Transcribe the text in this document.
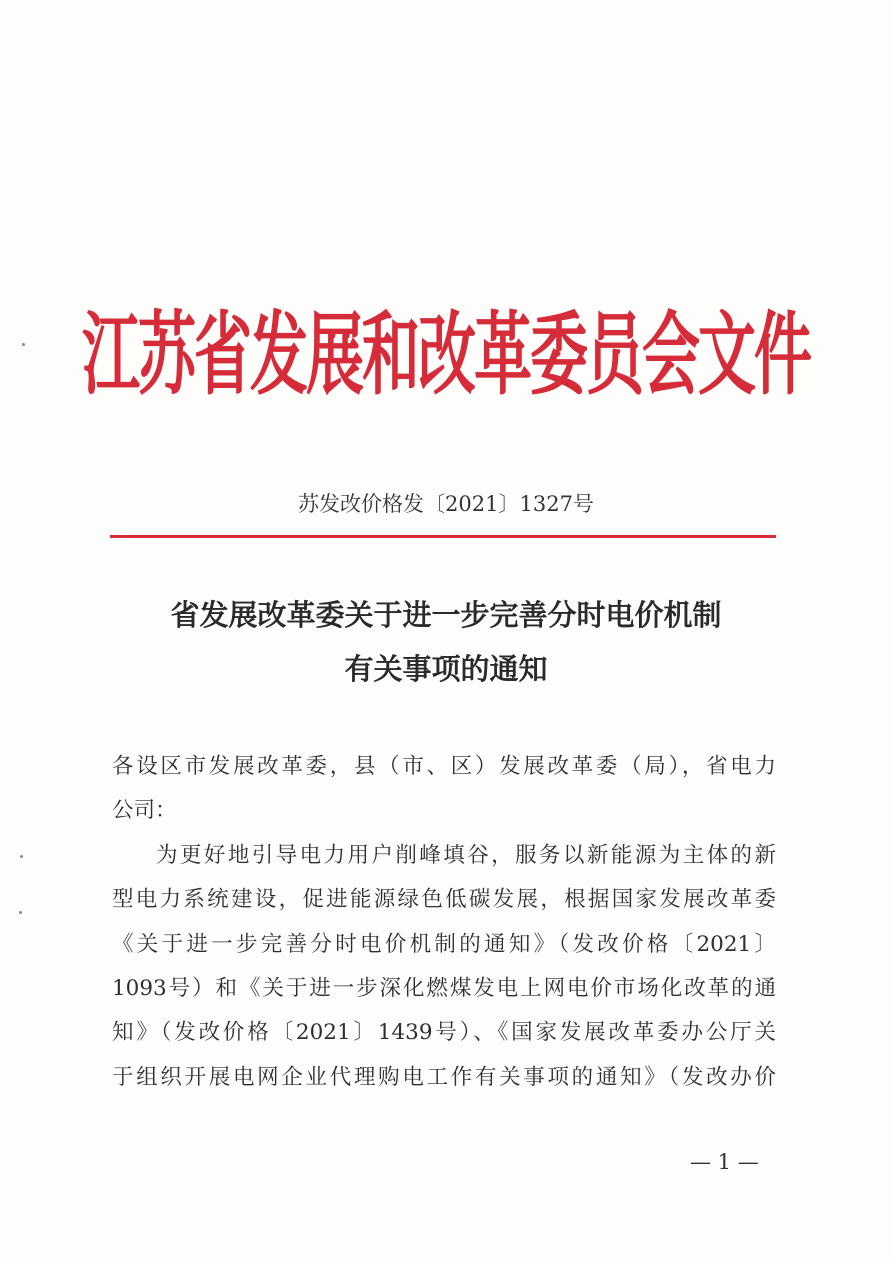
江苏省发展和改革委员会文件
苏发改价格发〔2021〕1327号
省发展改革委关于进一步完善分时电价机制
有关事项的通知
各设区市发展改革委，县（市、区）发展改革委（局），省电力
公司：
为更好地引导电力用户削峰填谷，服务以新能源为主体的新
型电力系统建设，促进能源绿色低碳发展，根据国家发展改革委
《关于进一步完善分时电价机制的通知》（发改价格〔2021〕
1093号）和《关于进一步深化燃煤发电上网电价市场化改革的通
知》（发改价格〔2021〕1439号）、《国家发展改革委办公厅关
于组织开展电网企业代理购电工作有关事项的通知》（发改办价
— 1 —
